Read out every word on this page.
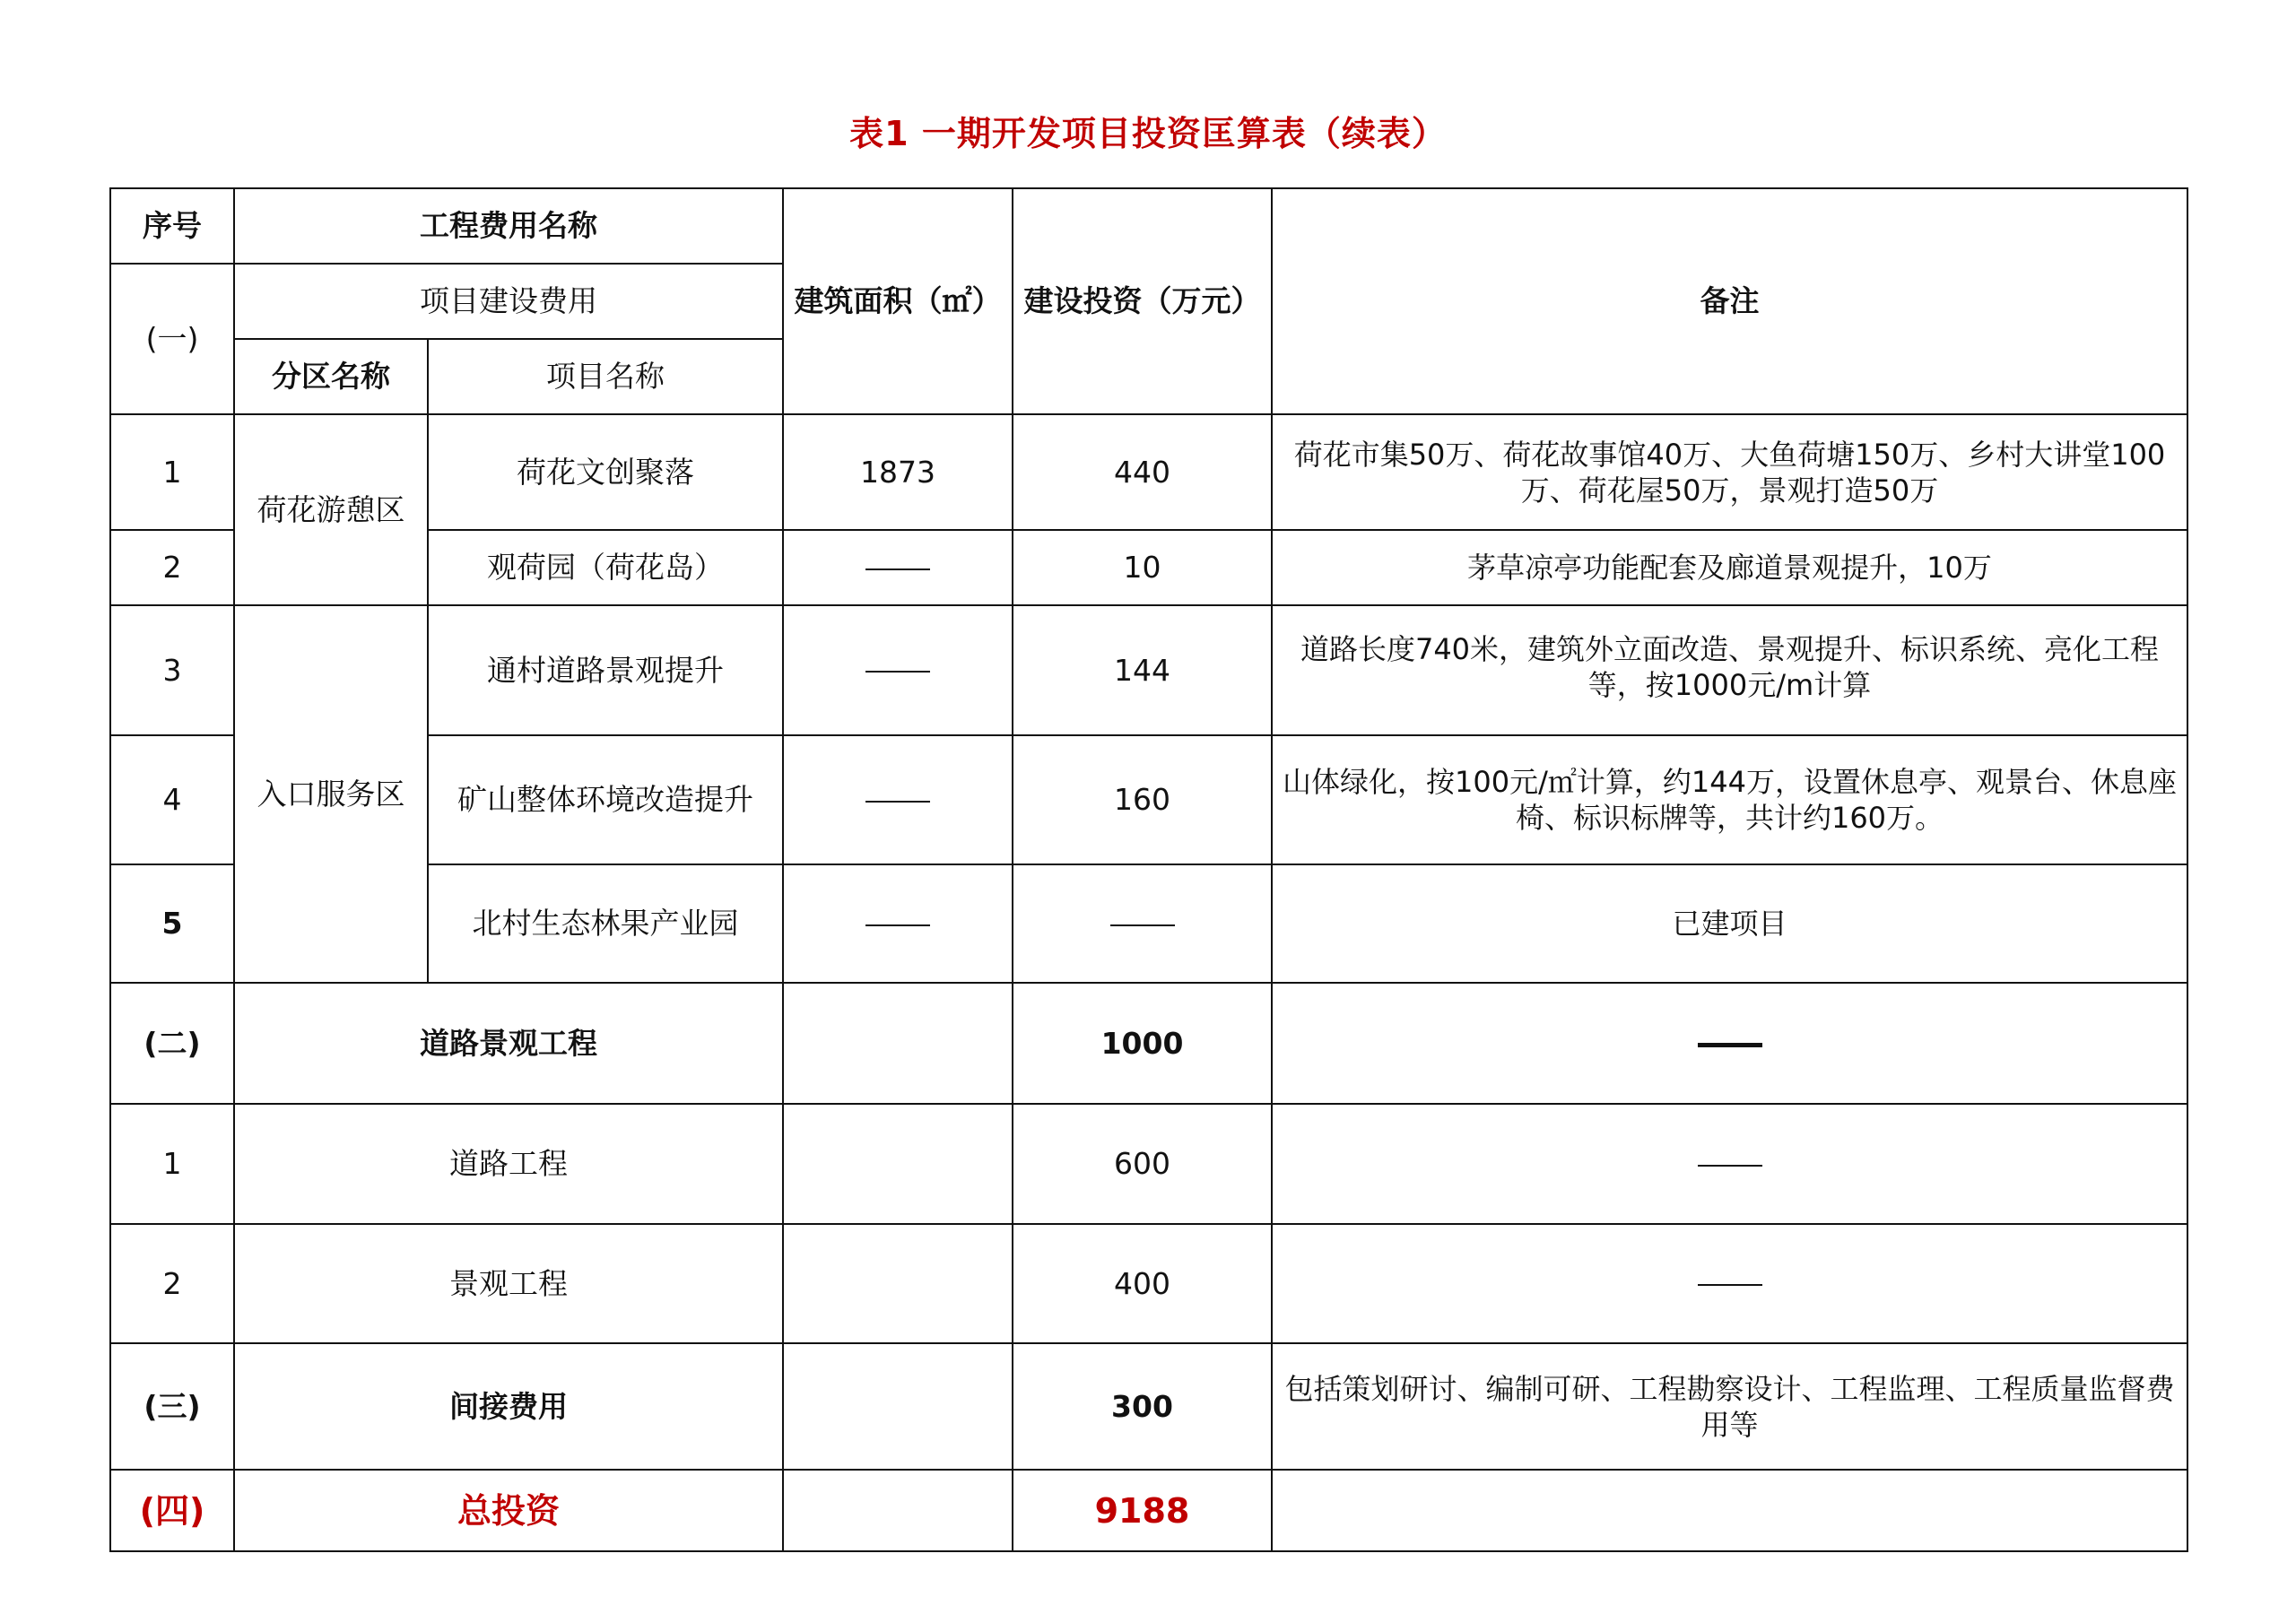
表1 一期开发项目投资匡算表（续表）
序号	工程费用名称		建筑面积（㎡）	建设投资（万元）	备注
(一)	项目建设费用				
	分区名称	项目名称			
1	荷花游憩区	荷花文创聚落	1873	440	荷花市集50万、荷花故事馆40万、大鱼荷塘150万、乡村大讲堂100万、荷花屋50万，景观打造50万
2		观荷园（荷花岛）		10	茅草凉亭功能配套及廊道景观提升，10万
3	入口服务区	通村道路景观提升		144	道路长度740米，建筑外立面改造、景观提升、标识系统、亮化工程等，按1000元/m计算
4		矿山整体环境改造提升		160	山体绿化，按100元/㎡计算，约144万，设置休息亭、观景台、休息座椅、标识标牌等，共计约160万。
5		北村生态林果产业园			已建项目
(二)	道路景观工程			1000	
1	道路工程			600	
2	景观工程			400	
(三)	间接费用			300	包括策划研讨、编制可研、工程勘察设计、工程监理、工程质量监督费用等
(四)	总投资			9188	
